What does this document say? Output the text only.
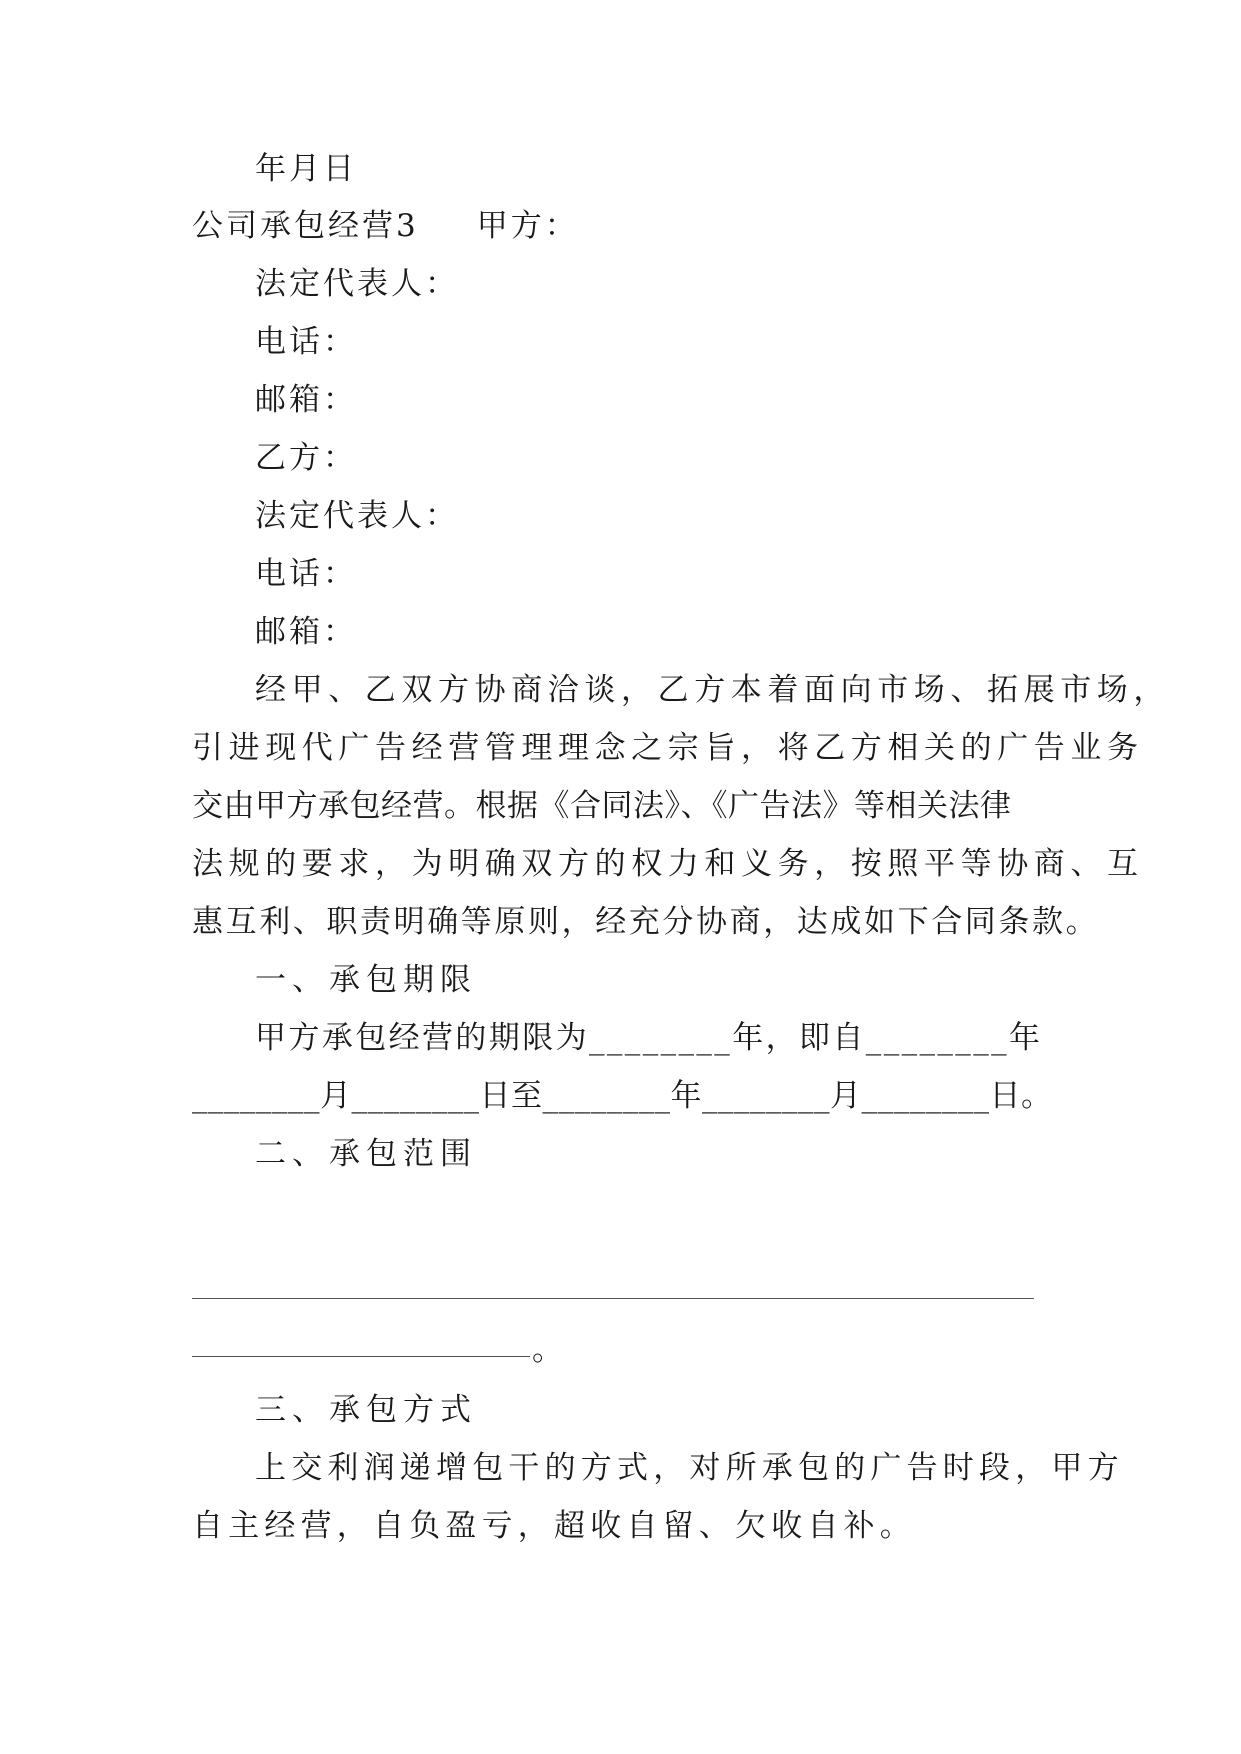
年月日
公司承包经营3 甲方：
法定代表人：
电话：
邮箱：
乙方：
法定代表人：
电话：
邮箱：
经甲、乙双方协商洽谈，乙方本着面向市场、拓展市场，
引进现代广告经营管理理念之宗旨，将乙方相关的广告业务
交由甲方承包经营。根据《合同法》、《广告法》等相关法律
法规的要求，为明确双方的权力和义务，按照平等协商、互
惠互利、职责明确等原则，经充分协商，达成如下合同条款。
一、承包期限
甲方承包经营的期限为________年，即自________年
________月________日至________年________月________日。
二、承包范围
。
三、承包方式
上交利润递增包干的方式，对所承包的广告时段，甲方
自主经营，自负盈亏，超收自留、欠收自补。
